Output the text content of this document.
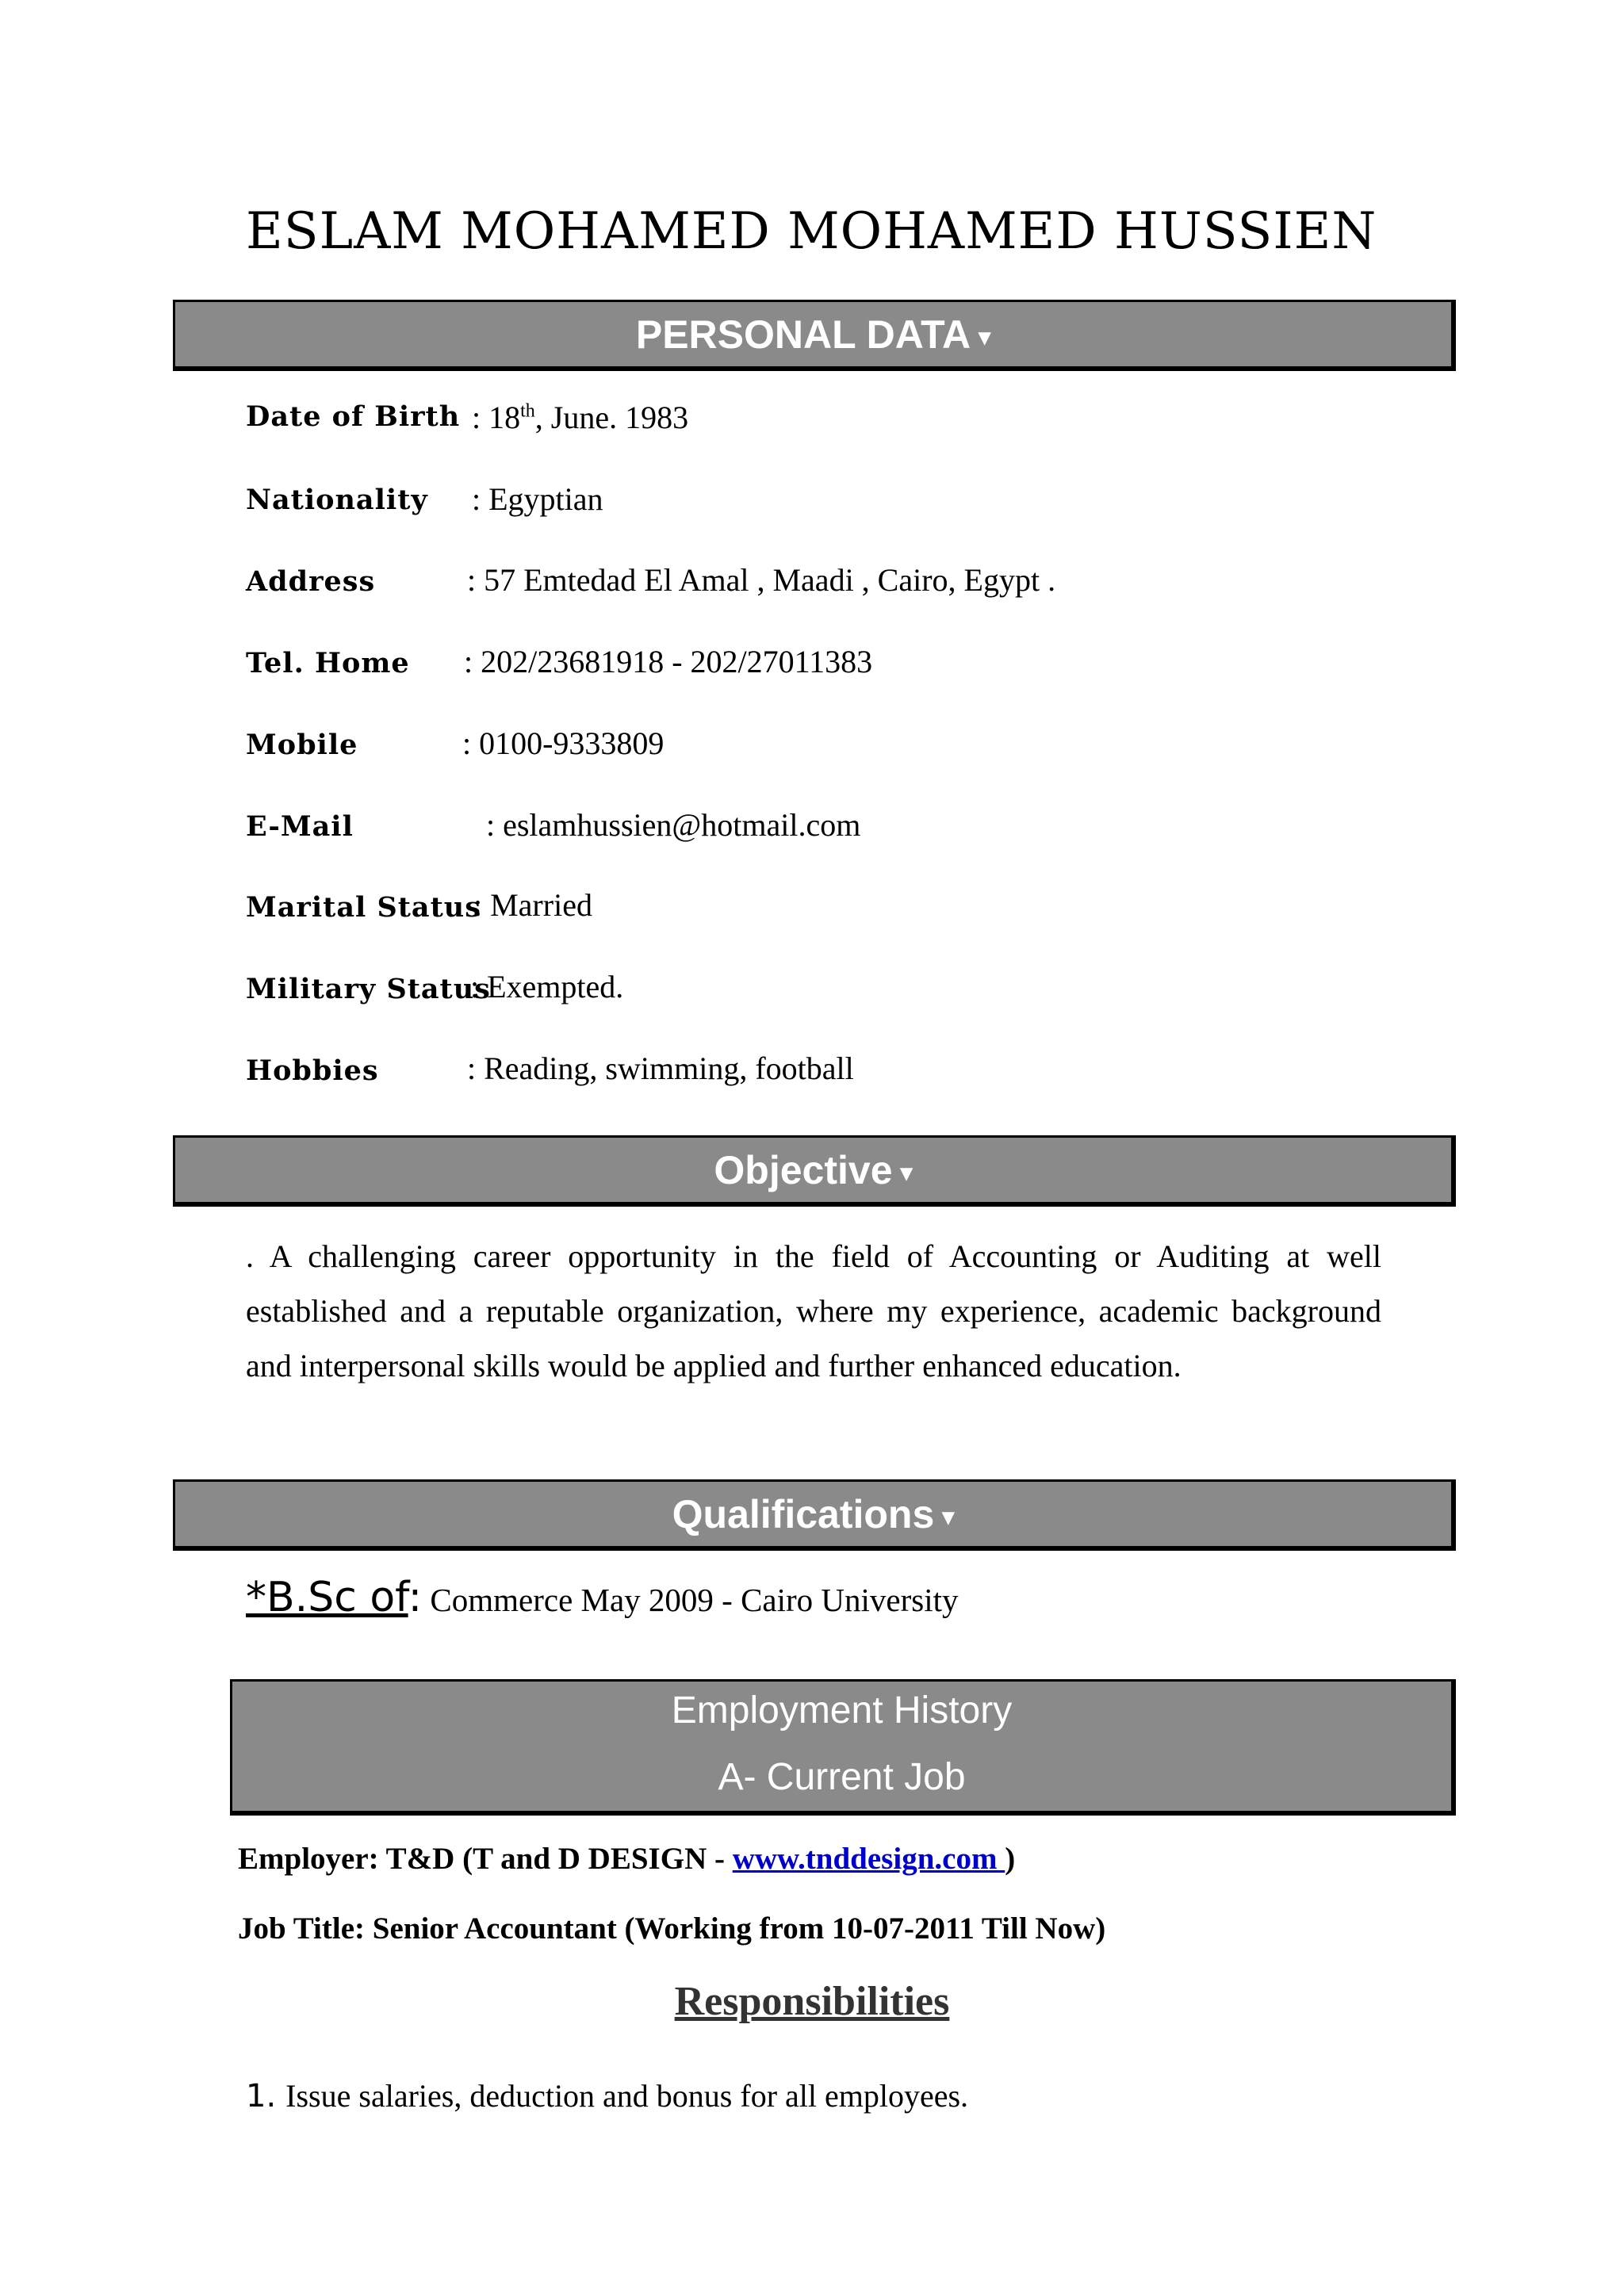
ESLAM MOHAMED MOHAMED HUSSIEN
PERSONAL DATA ▾
Date of Birth : 18th, June. 1983
Nationality : Egyptian
Address	: 57 Emtedad El Amal , Maadi , Cairo, Egypt .
Tel. Home : 202/23681918 - 202/27011383
Mobile	: 0100-9333809
E-Mail	: eslamhussien@hotmail.com
Marital Status
: Married
Military Status
: Exempted.
Hobbies	: Reading, swimming, football
Objective ▾
. A challenging career opportunity in the field of Accounting or Auditing at well established and a reputable organization, where my experience, academic background and interpersonal skills would be applied and further enhanced education.
Qualifications ▾
*B.Sc of: Commerce May 2009 - Cairo University
Employment History
A- Current Job
Employer: T&D (T and D DESIGN - www.tnddesign.com )
Job Title: Senior Accountant (Working from 10-07-2011 Till Now)
Responsibilities
1. Issue salaries, deduction and bonus for all employees.
